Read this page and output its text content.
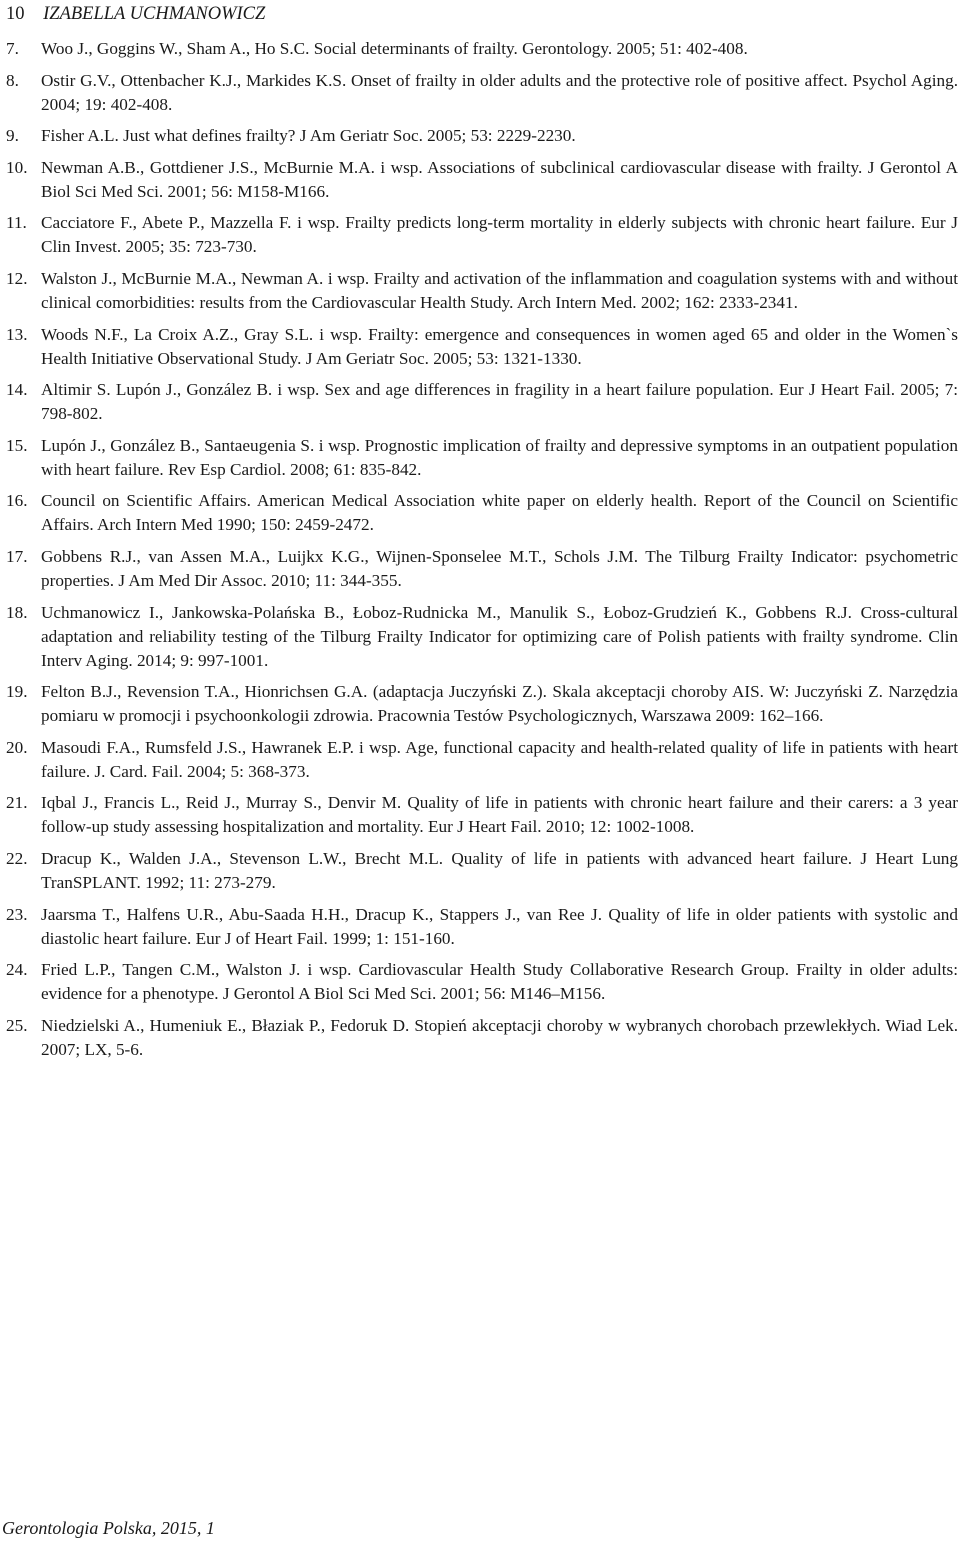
10 IZABELLA UCHMANOWICZ
7.	Woo J., Goggins W., Sham A., Ho S.C. Social determinants of frailty. Gerontology. 2005; 51: 402-408.
8.	Ostir G.V., Ottenbacher K.J., Markides K.S. Onset of frailty in older adults and the protective role of positive affect. Psychol Aging. 2004; 19: 402-408.
9.	Fisher A.L. Just what defines frailty? J Am Geriatr Soc. 2005; 53: 2229-2230.
10. Newman A.B., Gottdiener J.S., McBurnie M.A. i wsp. Associations of subclinical cardiovascular disease with frailty. J Gerontol A Biol Sci Med Sci. 2001; 56: M158-M166.
11. Cacciatore F., Abete P., Mazzella F. i wsp. Frailty predicts long-term mortality in elderly subjects with chronic heart failure. Eur J Clin Invest. 2005; 35: 723-730.
12. Walston J., McBurnie M.A., Newman A. i wsp. Frailty and activation of the inflammation and coagulation systems with and without clinical comorbidities: results from the Cardiovascular Health Study. Arch Intern Med. 2002; 162: 2333-2341.
13. Woods N.F., La Croix A.Z., Gray S.L. i wsp. Frailty: emergence and consequences in women aged 65 and older in the Women`s Health Initiative Observational Study. J Am Geriatr Soc. 2005; 53: 1321-1330.
14. Altimir S. Lupón J., González B. i wsp. Sex and age differences in fragility in a heart failure population. Eur J Heart Fail. 2005; 7: 798-802.
15. Lupón J., González B., Santaeugenia S. i wsp. Prognostic implication of frailty and depressive symptoms in an outpatient population with heart failure. Rev Esp Cardiol. 2008; 61: 835-842.
16. Council on Scientific Affairs. American Medical Association white paper on elderly health. Report of the Council on Scientific Affairs. Arch Intern Med 1990; 150: 2459-2472.
17. Gobbens R.J., van Assen M.A., Luijkx K.G., Wijnen-Sponselee M.T., Schols J.M. The Tilburg Frailty Indicator: psychometric properties. J Am Med Dir Assoc. 2010; 11: 344-355.
18. Uchmanowicz I., Jankowska-Polańska B., Łoboz-Rudnicka M., Manulik S., Łoboz-Grudzień K., Gobbens R.J. Cross-cultural adaptation and reliability testing of the Tilburg Frailty Indicator for optimizing care of Polish patients with frailty syndrome. Clin Interv Aging. 2014; 9: 997-1001.
19. Felton B.J., Revension T.A., Hionrichsen G.A. (adaptacja Juczyński Z.). Skala akceptacji choroby AIS. W: Juczyński Z. Narzędzia pomiaru w promocji i psychoonkologii zdrowia. Pracownia Testów Psychologicznych, Warszawa 2009: 162–166.
20. Masoudi F.A., Rumsfeld J.S., Hawranek E.P. i wsp. Age, functional capacity and health-related quality of life in patients with heart failure. J. Card. Fail. 2004; 5: 368-373.
21. Iqbal J., Francis L., Reid J., Murray S., Denvir M. Quality of life in patients with chronic heart failure and their carers: a 3 year follow-up study assessing hospitalization and mortality. Eur J Heart Fail. 2010; 12: 1002-1008.
22. Dracup K., Walden J.A., Stevenson L.W., Brecht M.L. Quality of life in patients with advanced heart failure. J Heart Lung TranSPLANT. 1992; 11: 273-279.
23. Jaarsma T., Halfens U.R., Abu-Saada H.H., Dracup K., Stappers J., van Ree J. Quality of life in older patients with systolic and diastolic heart failure. Eur J of Heart Fail. 1999; 1: 151-160.
24. Fried L.P., Tangen C.M., Walston J. i wsp. Cardiovascular Health Study Collaborative Research Group. Frailty in older adults: evidence for a phenotype. J Gerontol A Biol Sci Med Sci. 2001; 56: M146–M156.
25. Niedzielski A., Humeniuk E., Błaziak P., Fedoruk D. Stopień akceptacji choroby w wybranych chorobach przewlekłych. Wiad Lek. 2007; LX, 5-6.
Gerontologia Polska, 2015, 1
